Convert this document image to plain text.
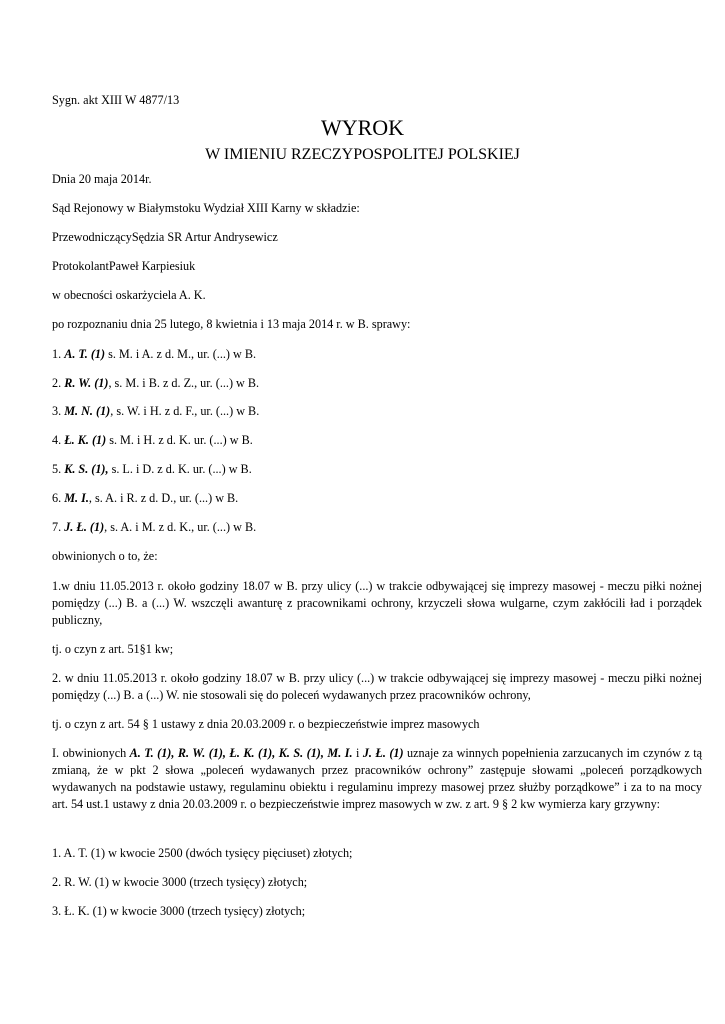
Sygn. akt XIII W 4877/13

WYROK

W IMIENIU RZECZYPOSPOLITEJ POLSKIEJ

Dnia 20 maja 2014r.

Sąd Rejonowy w Białymstoku Wydział XIII Karny w składzie:

PrzewodniczącySędzia SR Artur Andrysewicz

ProtokolantPaweł Karpiesiuk

w obecności oskarżyciela A. K.

po rozpoznaniu dnia 25 lutego, 8 kwietnia i 13 maja 2014 r. w B. sprawy:

1. A. T. (1) s. M. i A. z d. M., ur. (...) w B.

2. R. W. (1), s. M. i B. z d. Z., ur. (...) w B.

3. M. N. (1), s. W. i H. z d. F., ur. (...) w B.

4. Ł. K. (1) s. M. i H. z d. K. ur. (...) w B.

5. K. S. (1), s. L. i D. z d. K. ur. (...) w B.

6. M. I., s. A. i R. z d. D., ur. (...) w B.

7. J. Ł. (1), s. A. i M. z d. K., ur. (...) w B.

obwinionych o to, że:

1.w dniu 11.05.2013 r. około godziny 18.07 w B. przy ulicy (...) w trakcie odbywającej się imprezy masowej - meczu piłki nożnej pomiędzy (...) B. a (...) W. wszczęli awanturę z pracownikami ochrony, krzyczeli słowa wulgarne, czym zakłócili ład i porządek publiczny,

tj. o czyn z art. 51§1 kw;

2. w dniu 11.05.2013 r. około godziny 18.07 w B. przy ulicy (...) w trakcie odbywającej się imprezy masowej - meczu piłki nożnej pomiędzy (...) B. a (...) W. nie stosowali się do poleceń wydawanych przez pracowników ochrony,

tj. o czyn z art. 54 § 1 ustawy z dnia 20.03.2009 r. o bezpieczeństwie imprez masowych

I. obwinionych A. T. (1), R. W. (1), Ł. K. (1), K. S. (1), M. I. i J. Ł. (1) uznaje za winnych popełnienia zarzucanych im czynów z tą zmianą, że w pkt 2 słowa „poleceń wydawanych przez pracowników ochrony” zastępuje słowami „poleceń porządkowych wydawanych na podstawie ustawy, regulaminu obiektu i regulaminu imprezy masowej przez służby porządkowe” i za to na mocy art. 54 ust.1 ustawy z dnia 20.03.2009 r. o bezpieczeństwie imprez masowych w zw. z art. 9 § 2 kw wymierza kary grzywny:

1. A. T. (1) w kwocie 2500 (dwóch tysięcy pięciuset) złotych;

2. R. W. (1) w kwocie 3000 (trzech tysięcy) złotych;

3. Ł. K. (1) w kwocie 3000 (trzech tysięcy) złotych;
